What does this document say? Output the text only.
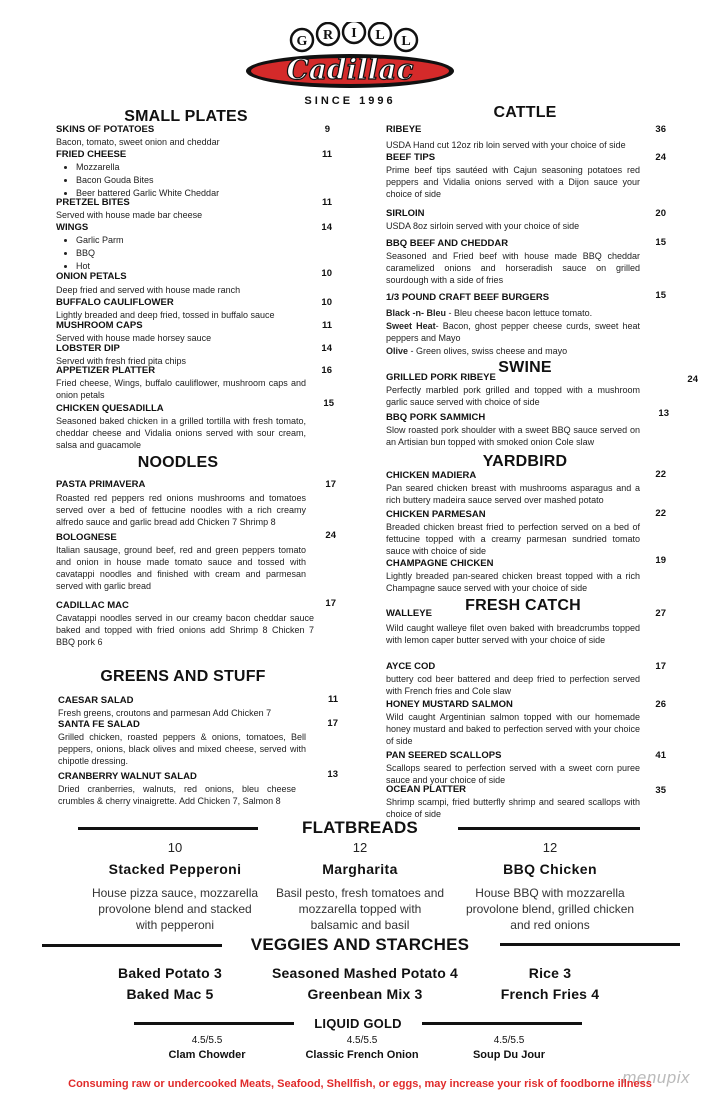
G R I L L
Cadillac
SINCE 1996
SMALL PLATES
SKINS OF POTATOES
Bacon, tomato, sweet onion and cheddar
9
FRIED CHEESE
• Mozzarella
• Bacon Gouda Bites
• Beer battered Garlic White Cheddar
11
PRETZEL BITES
Served with house made bar cheese
11
WINGS
• Garlic Parm
• BBQ
• Hot
14
ONION PETALS
Deep fried and served with house made ranch
10
BUFFALO CAULIFLOWER
Lightly breaded and deep fried, tossed in buffalo sauce
10
MUSHROOM CAPS
Served with house made horsey sauce
11
LOBSTER DIP
Served with fresh fried pita chips
14
APPETIZER PLATTER
Fried cheese, Wings, buffalo cauliflower, mushroom caps and onion petals
16
CHICKEN QUESADILLA
Seasoned baked chicken in a grilled tortilla with fresh tomato, cheddar cheese and Vidalia onions served with sour cream, salsa and guacamole
15
NOODLES
PASTA PRIMAVERA
Roasted red peppers red onions mushrooms and tomatoes served over a bed of fettucine noodles with a rich creamy alfredo sauce and garlic bread add Chicken 7 Shrimp 8
17
BOLOGNESE
Italian sausage, ground beef, red and green peppers tomato and onion in house made tomato sauce and tossed with cavatappi noodles and finished with cream and parmesan served with garlic bread
24
CADILLAC MAC
Cavatappi noodles served in our creamy bacon cheddar sauce baked and topped with fried onions add Shrimp 8 Chicken 7 BBQ pork 6
17
GREENS AND STUFF
CAESAR SALAD
Fresh greens, croutons and parmesan Add Chicken 7
11
SANTA FE SALAD
Grilled chicken, roasted peppers & onions, tomatoes, Bell peppers, onions, black olives and mixed cheese, served with chipotle dressing.
17
CRANBERRY WALNUT SALAD
Dried cranberries, walnuts, red onions, bleu cheese crumbles & cherry vinaigrette. Add Chicken 7, Salmon 8
13
CATTLE
RIBEYE
USDA Hand cut 12oz rib loin served with your choice of side
36
BEEF TIPS
Prime beef tips sautéed with Cajun seasoning potatoes red peppers and Vidalia onions served with a Dijon sauce your choice of side
24
SIRLOIN
USDA 8oz sirloin served with your choice of side
20
BBQ BEEF AND CHEDDAR
Seasoned and Fried beef with house made BBQ cheddar caramelized onions and horseradish sauce on grilled sourdough with a side of fries
15
1/3 POUND CRAFT BEEF BURGERS
Black -n- Bleu - Bleu cheese bacon lettuce tomato.
Sweet Heat- Bacon, ghost pepper cheese curds, sweet heat peppers and Mayo
Olive - Green olives, swiss cheese and mayo
15
SWINE
GRILLED PORK RIBEYE
Perfectly marbled pork grilled and topped with a mushroom garlic sauce served with choice of side
24
BBQ PORK SAMMICH
Slow roasted pork shoulder with a sweet BBQ sauce served on an Artisian bun topped with smoked onion Cole slaw
13
YARDBIRD
CHICKEN MADIERA
Pan seared chicken breast with mushrooms asparagus and a rich buttery madeira sauce served over mashed potato
22
CHICKEN PARMESAN
Breaded chicken breast fried to perfection served on a bed of fettucine topped with a creamy parmesan sundried tomato sauce with choice of side
22
CHAMPAGNE CHICKEN
Lightly breaded pan-seared chicken breast topped with a rich Champagne sauce served with your choice of side
19
FRESH CATCH
WALLEYE
Wild caught walleye filet oven baked with breadcrumbs topped with lemon caper butter served with your choice of side
27
AYCE COD
buttery cod beer battered and deep fried to perfection served with French fries and Cole slaw
17
HONEY MUSTARD SALMON
Wild caught Argentinian salmon topped with our homemade honey mustard and baked to perfection served with your choice of side
26
PAN SEERED SCALLOPS
Scallops seared to perfection served with a sweet corn puree sauce and your choice of side
41
OCEAN PLATTER
Shrimp scampi, fried butterfly shrimp and seared scallops with choice of side
35
FLATBREADS
10
Stacked Pepperoni
House pizza sauce, mozzarella provolone blend and stacked with pepperoni
12
Margharita
Basil pesto, fresh tomatoes and mozzarella topped with balsamic and basil
12
BBQ Chicken
House BBQ with mozzarella provolone blend, grilled chicken and red onions
VEGGIES AND STARCHES
Baked Potato 3	Seasoned Mashed Potato 4	Rice 3
Baked Mac 5	Greenbean Mix 3	French Fries 4
LIQUID GOLD
4.5/5.5
Clam Chowder
4.5/5.5
Classic French Onion
4.5/5.5
Soup Du Jour
menupix
Consuming raw or undercooked Meats, Seafood, Shellfish, or eggs, may increase your risk of foodborne illness
